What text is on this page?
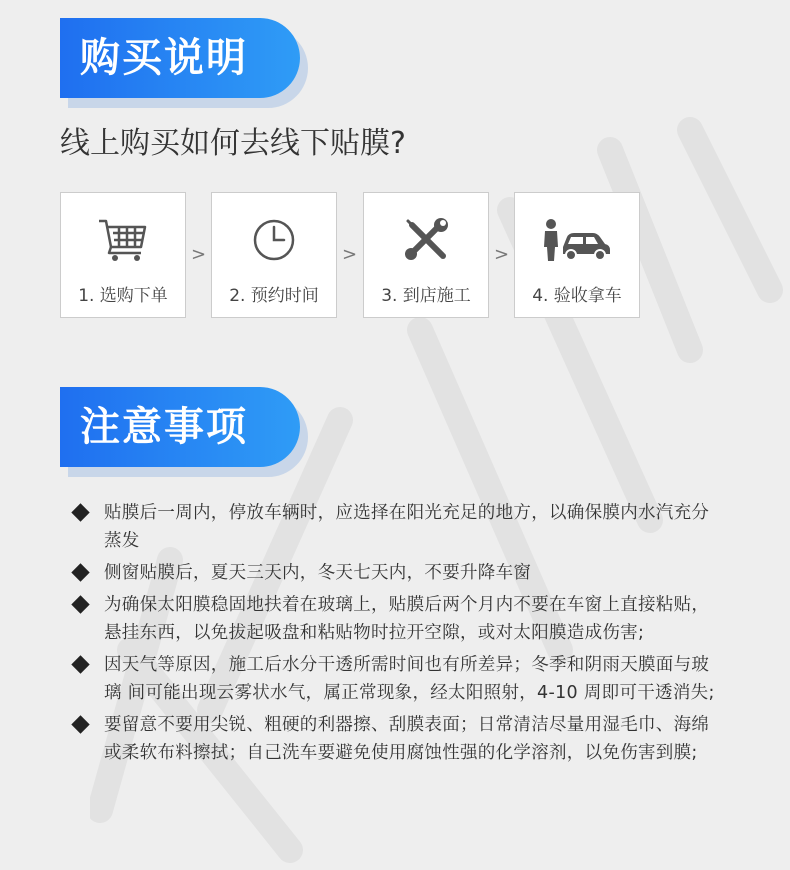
购买说明
线上购买如何去线下贴膜?
1. 选购下单
>
2. 预约时间
>
3. 到店施工
>
4. 验收拿车
注意事项
贴膜后一周内，停放车辆时，应选择在阳光充足的地方，以确保膜内水汽充分蒸发
侧窗贴膜后，夏天三天内，冬天七天内，不要升降车窗
为确保太阳膜稳固地扶着在玻璃上，贴膜后两个月内不要在车窗上直接粘贴，悬挂东西，以免拔起吸盘和粘贴物时拉开空隙，或对太阳膜造成伤害;
因天气等原因，施工后水分干透所需时间也有所差异；冬季和阴雨天膜面与玻璃 间可能出现云雾状水气，属正常现象，经太阳照射，4-10 周即可干透消失;
要留意不要用尖锐、粗硬的利器擦、刮膜表面；日常清洁尽量用湿毛巾、海绵或柔软布料擦拭；自己洗车要避免使用腐蚀性强的化学溶剂，以免伤害到膜;
